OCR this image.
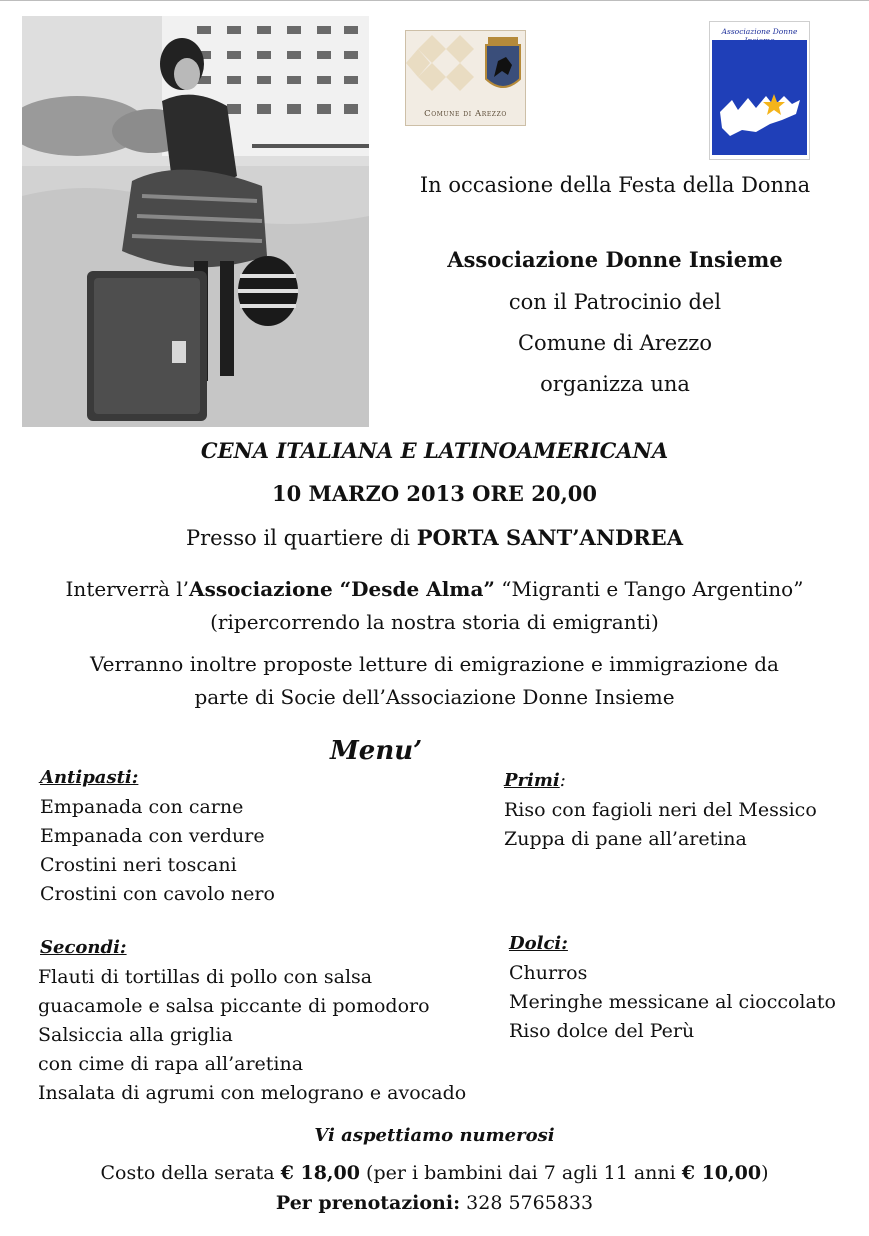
Comune di Arezzo
Associazione Donne
In occasione della Festa della Donna
Associazione Donne Insieme
con il Patrocinio del
Comune di Arezzo
organizza una
CENA ITALIANA E LATINOAMERICANA
10 MARZO 2013 ORE 20,00
Presso il quartiere di PORTA SANT’ANDREA
Interverrà l’Associazione “Desde Alma” “Migranti e Tango Argentino”
(ripercorrendo la nostra storia di emigranti)
Verranno inoltre proposte letture di emigrazione e immigrazione da
parte di Socie dell’Associazione Donne Insieme
Menu’
Antipasti:
Empanada con carne
Empanada con verdure
Crostini neri toscani
Crostini con cavolo nero
Primi:
Riso con fagioli neri del Messico
Zuppa di pane all’aretina
Secondi:
Flauti di tortillas di pollo con salsa
guacamole e salsa piccante di pomodoro
Salsiccia alla griglia
con cime di rapa all’aretina
Insalata di agrumi con melograno e avocado
Dolci:
Churros
Meringhe messicane al cioccolato
Riso dolce del Perù
Vi aspettiamo numerosi
Costo della serata € 18,00 (per i bambini dai 7 agli 11 anni € 10,00)
Per prenotazioni: 328 5765833
